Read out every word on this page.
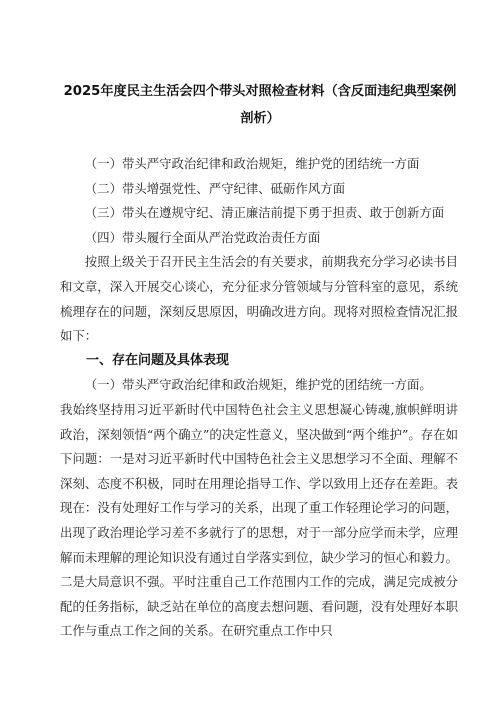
2025年度民主生活会四个带头对照检查材料（含反面违纪典型案例剖析）

（一）带头严守政治纪律和政治规矩，维护党的团结统一方面

（二）带头增强党性、严守纪律、砥砺作风方面

（三）带头在遵规守纪、清正廉洁前提下勇于担责、敢于创新方面

（四）带头履行全面从严治党政治责任方面

按照上级关于召开民主生活会的有关要求，前期我充分学习必读书目和文章，深入开展交心谈心，充分征求分管领域与分管科室的意见，系统梳理存在的问题，深刻反思原因，明确改进方向。现将对照检查情况汇报如下：

一、存在问题及具体表现

（一）带头严守政治纪律和政治规矩，维护党的团结统一方面。

我始终坚持用习近平新时代中国特色社会主义思想凝心铸魂,旗帜鲜明讲政治，深刻领悟“两个确立”的决定性意义，坚决做到“两个维护”。存在如下问题：一是对习近平新时代中国特色社会主义思想学习不全面、理解不深刻、态度不积极，同时在用理论指导工作、学以致用上还存在差距。表现在：没有处理好工作与学习的关系，出现了重工作轻理论学习的问题，出现了政治理论学习差不多就行了的思想，对于一部分应学而未学，应理解而未理解的理论知识没有通过自学落实到位，缺少学习的恒心和毅力。二是大局意识不强。平时注重自己工作范围内工作的完成，满足完成被分配的任务指标，缺乏站在单位的高度去想问题、看问题，没有处理好本职工作与重点工作之间的关系。在研究重点工作中只
